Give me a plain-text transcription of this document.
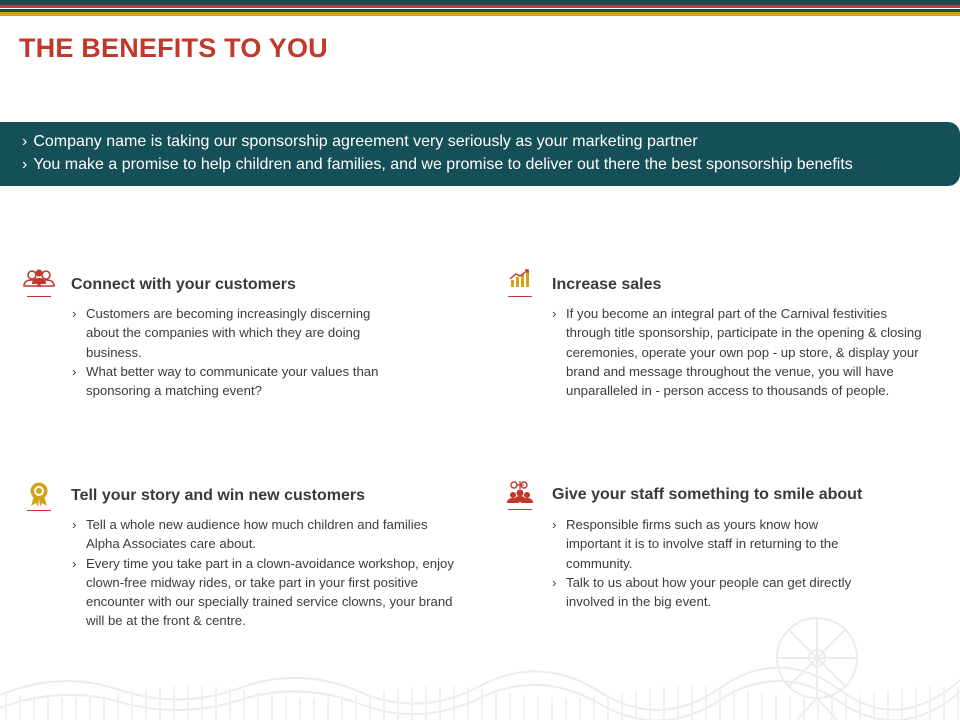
THE BENEFITS TO YOU
› Company name is taking our sponsorship agreement very seriously as your marketing partner
› You make a promise to help children and families, and we promise to deliver out there the best sponsorship benefits
Connect with your customers
› Customers are becoming increasingly discerning about the companies with which they are doing business.
› What better way to communicate your values than sponsoring a matching event?
Increase sales
› If you become an integral part of the Carnival festivities through title sponsorship, participate in the opening & closing ceremonies, operate your own pop - up store, & display your brand and message throughout the venue, you will have unparalleled in - person access to thousands of people.
Tell your story and win new customers
› Tell a whole new audience how much children and families Alpha Associates care about.
› Every time you take part in a clown-avoidance workshop, enjoy clown-free midway rides, or take part in your first positive encounter with our specially trained service clowns, your brand will be at the front & centre.
Give your staff something to smile about
› Responsible firms such as yours know how important it is to involve staff in returning to the community.
› Talk to us about how your people can get directly involved in the big event.
